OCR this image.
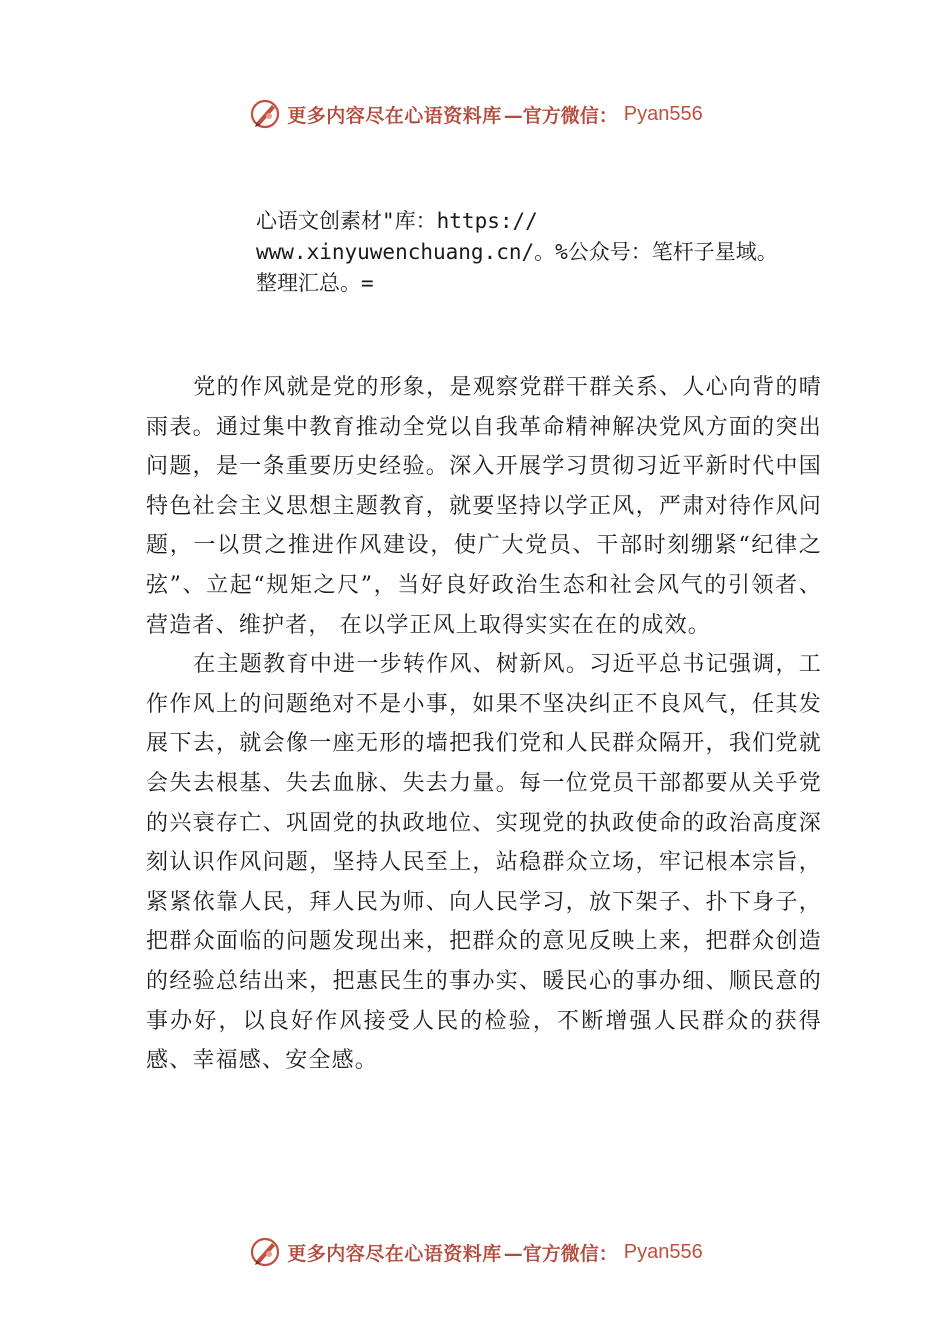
更多内容尽在心语资料库 —官方微信： Pyan556
心语文创素材"库：https://
www.xinyuwenchuang.cn/。%公众号：笔杆子星域。
整理汇总。=

党的作风就是党的形象，是观察党群干群关系、人心向背的晴雨表。通过集中教育推动全党以自我革命精神解决党风方面的突出问题，是一条重要历史经验。深入开展学习贯彻习近平新时代中国特色社会主义思想主题教育，就要坚持以学正风，严肃对待作风问题，一以贯之推进作风建设，使广大党员、干部时刻绷紧“纪律之弦”、立起“规矩之尺”，当好良好政治生态和社会风气的引领者、营造者、维护者， 在以学正风上取得实实在在的成效。

在主题教育中进一步转作风、树新风。习近平总书记强调，工作作风上的问题绝对不是小事，如果不坚决纠正不良风气，任其发展下去，就会像一座无形的墙把我们党和人民群众隔开，我们党就会失去根基、失去血脉、失去力量。每一位党员干部都要从关乎党的兴衰存亡、巩固党的执政地位、实现党的执政使命的政治高度深刻认识作风问题，坚持人民至上，站稳群众立场，牢记根本宗旨，紧紧依靠人民，拜人民为师、向人民学习，放下架子、扑下身子，把群众面临的问题发现出来，把群众的意见反映上来，把群众创造的经验总结出来，把惠民生的事办实、暖民心的事办细、顺民意的事办好，以良好作风接受人民的检验，不断增强人民群众的获得感、幸福感、安全感。

更多内容尽在心语资料库 —官方微信： Pyan556
